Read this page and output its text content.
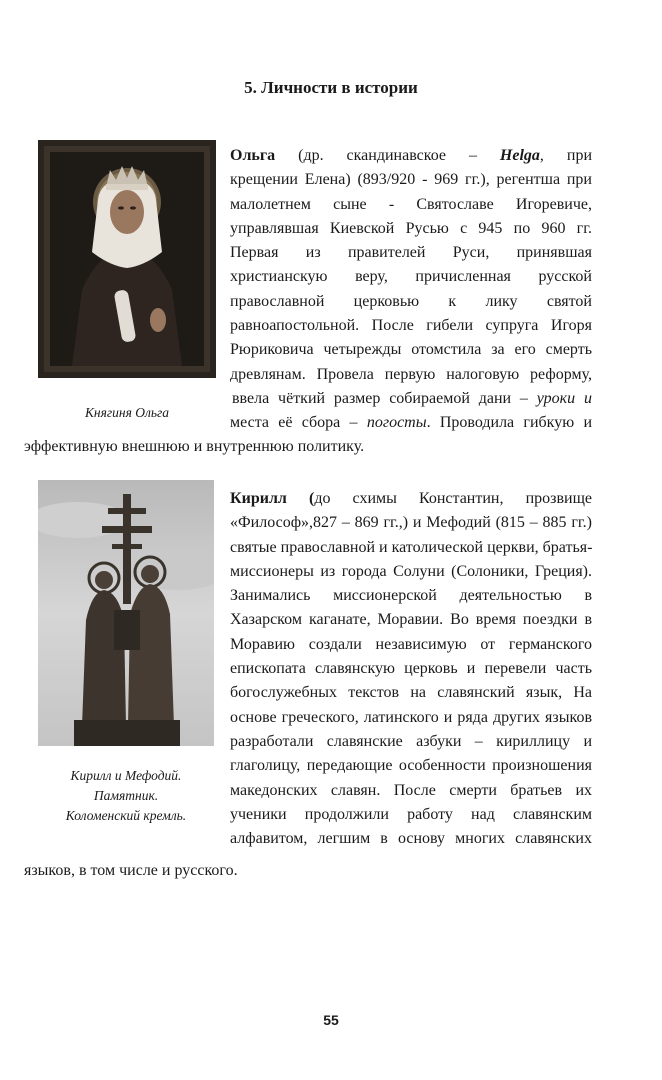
5. Личности в истории
Княгиня Ольга
Ольга (др. скандинавское – Helga, при
крещении Елена) (893/920 - 969 гг.), регентша при
малолетнем сыне - Святославе Игоревиче,
управлявшая Киевской Русью с 945 по 960 гг.
Первая из правителей Руси, принявшая
христианскую веру, причисленная русской
православной церковью к лику святой
равноапостольной. После гибели супруга Игоря
Рюриковича четырежды отомстила за его смерть
древлянам. Провела первую налоговую реформу,
ввела чёткий размер собираемой дани – уроки и
места её сбора – погосты. Проводила гибкую и
эффективную внешнюю и внутреннюю политику.
Кирилл и Мефодий.
Памятник.
Коломенский кремль.
Кирилл (до схимы Константин, прозвище
«Философ»,827 – 869 гг.,) и Мефодий (815 – 885 гг.)
святые православной и католической церкви, братья-
миссионеры из города Солуни (Солоники, Греция).
Занимались миссионерской деятельностью в
Хазарском каганате, Моравии. Во время поездки в
Моравию создали независимую от германского
епископата славянскую церковь и перевели часть
богослужебных текстов на славянский язык, На
основе греческого, латинского и ряда других языков
разработали славянские азбуки – кириллицу и
глаголицу, передающие особенности произношения
македонских славян. После смерти братьев их
ученики продолжили работу над славянским
алфавитом, легшим в основу многих славянских
языков, в том числе и русского.
55
